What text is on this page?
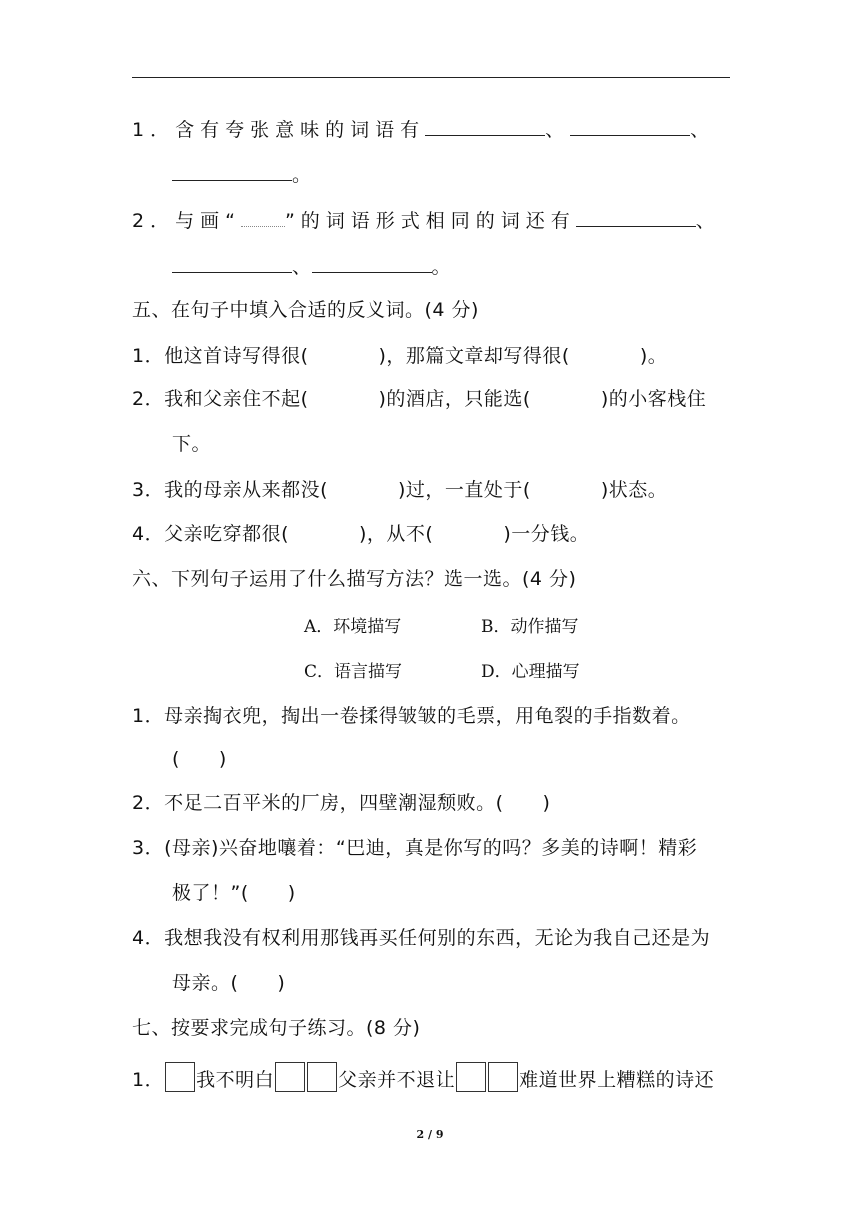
1．含有夸张意味的词语有	、	、
。
2．与画“ ”的词语形式相同的词还有	、
、	。
五、在句子中填入合适的反义词。(4 分)
1．他这首诗写得很(	)，那篇文章却写得很(	)。
2．我和父亲住不起(	)的酒店，只能选(	)的小客栈住
下。
3．我的母亲从来都没(	)过，一直处于(	)状态。
4．父亲吃穿都很(	)，从不(	)一分钱。
六、下列句子运用了什么描写方法？选一选。(4 分)
A．环境描写	B．动作描写
C．语言描写	D．心理描写
1．母亲掏衣兜，掏出一卷揉得皱皱的毛票，用龟裂的手指数着。
(　　)
2．不足二百平米的厂房，四壁潮湿颓败。(　　)
3．(母亲)兴奋地嚷着：“巴迪，真是你写的吗？多美的诗啊！精彩
极了！”(　　)
4．我想我没有权利用那钱再买任何别的东西，无论为我自己还是为
母亲。(　　)
七、按要求完成句子练习。(8 分)
1． 我不明白	父亲并不退让	难道世界上糟糕的诗还
2 / 9
